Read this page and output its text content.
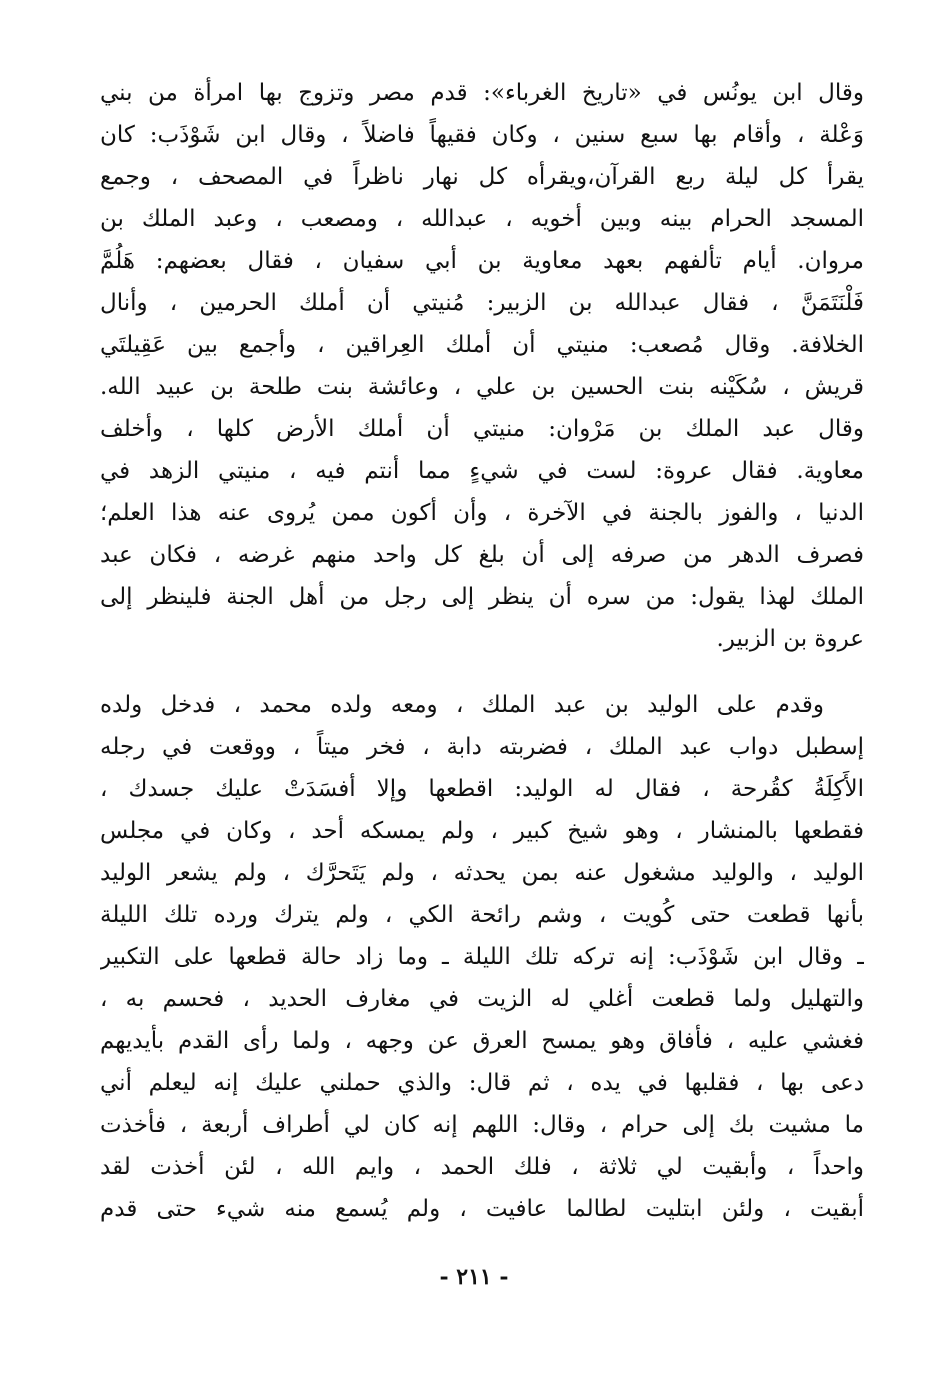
وقال ابن يونُس في «تاريخ الغرباء»: قدم مصر وتزوج بها امرأة من بني
وَعْلة ، وأقام بها سبع سنين ، وكان فقيهاً فاضلاً ، وقال ابن شَوْذَب: كان
يقرأ كل ليلة ربع القرآن،ويقرأه كل نهار ناظراً في المصحف ، وجمع
المسجد الحرام بينه وبين أخويه ، عبدالله ، ومصعب ، وعبد الملك بن
مروان. أيام تألفهم بعهد معاوية بن أبي سفيان ، فقال بعضهم: هَلُمَّ
فَلْنَتَمَنَّ ، فقال عبدالله بن الزبير: مُنيتي أن أملك الحرمين ، وأنال
الخلافة. وقال مُصعب: منيتي أن أملك العِراقين ، وأجمع بين عَقِيلتَي
قريش ، سُكَيْنه بنت الحسين بن علي ، وعائشة بنت طلحة بن عبيد الله.
وقال عبد الملك بن مَرْوان: منيتي أن أملك الأرض كلها ، وأخلف
معاوية. فقال عروة: لست في شيءٍ مما أنتم فيه ، منيتي الزهد في
الدنيا ، والفوز بالجنة في الآخرة ، وأن أكون ممن يُروى عنه هذا العلم؛
فصرف الدهر من صرفه إلى أن بلغ كل واحد منهم غرضه ، فكان عبد
الملك لهذا يقول: من سره أن ينظر إلى رجل من أهل الجنة فلينظر إلى
عروة بن الزبير.
وقدم على الوليد بن عبد الملك ، ومعه ولده محمد ، فدخل ولده
إسطبل دواب عبد الملك ، فضربته دابة ، فخر ميتاً ، ووقعت في رجله
الأَكِلَةُ كقُرحة ، فقال له الوليد: اقطعها وإلا أفسَدَتْ عليك جسدك ،
فقطعها بالمنشار ، وهو شيخ كبير ، ولم يمسكه أحد ، وكان في مجلس
الوليد ، والوليد مشغول عنه بمن يحدثه ، ولم يَتَحرَّك ، ولم يشعر الوليد
بأنها قطعت حتى كُويت ، وشم رائحة الكي ، ولم يترك ورده تلك الليلة
ـ وقال ابن شَوْذَب: إنه تركه تلك الليلة ـ وما زاد حالة قطعها على التكبير
والتهليل ولما قطعت أغلي له الزيت في مغارف الحديد ، فحسم به ،
فغشي عليه ، فأفاق وهو يمسح العرق عن وجهه ، ولما رأى القدم بأيديهم
دعى بها ، فقلبها في يده ، ثم قال: والذي حملني عليك إنه ليعلم أني
ما مشيت بك إلى حرام ، وقال: اللهم إنه كان لي أطراف أربعة ، فأخذت
واحداً ، وأبقيت لي ثلاثة ، فلك الحمد ، وايم الله ، لئن أخذت لقد
أبقيت ، ولئن ابتليت لطالما عافيت ، ولم يُسمع منه شيء حتى قدم
- ٢١١ -
